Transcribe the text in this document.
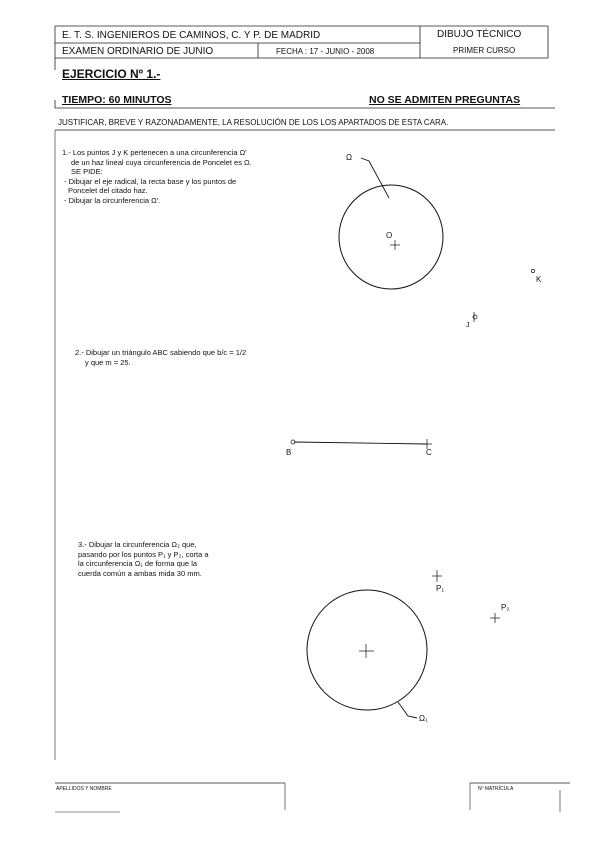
E. T. S. INGENIEROS DE CAMINOS, C. Y P. DE MADRID
EXAMEN ORDINARIO DE JUNIO	FECHA : 17 - JUNIO - 2008
DIBUJO TÉCNICO
PRIMER CURSO
EJERCICIO Nº 1.-
TIEMPO: 60 MINUTOS	NO SE ADMITEN PREGUNTAS
JUSTIFICAR, BREVE Y RAZONADAMENTE, LA RESOLUCIÓN DE LOS LOS APARTADOS DE ESTA CARA.
1.- Los puntos J y K pertenecen a una circunferencia Ω'
de un haz lineal cuya circunferencia de Poncelet es Ω.
SE PIDE:
- Dibujar el eje radical, la recta base y los puntos de
Poncelet del citado haz.
- Dibujar la circunferencia Ω'.
2.- Dibujar un triángulo ABC sabiendo que b/c = 1/2
y que m = 25.
3.- Dibujar la circunferencia Ω₂ que,
pasando por los puntos P₁ y P₂, corta a
la circunferencia Ω₁ de forma que la
cuerda común a ambas mida 30 mm.
Ω
O
K
J
B	C
P₁
P₂
Ω₁
APELLIDOS Y NOMBRE	Nº MATRÍCULA
